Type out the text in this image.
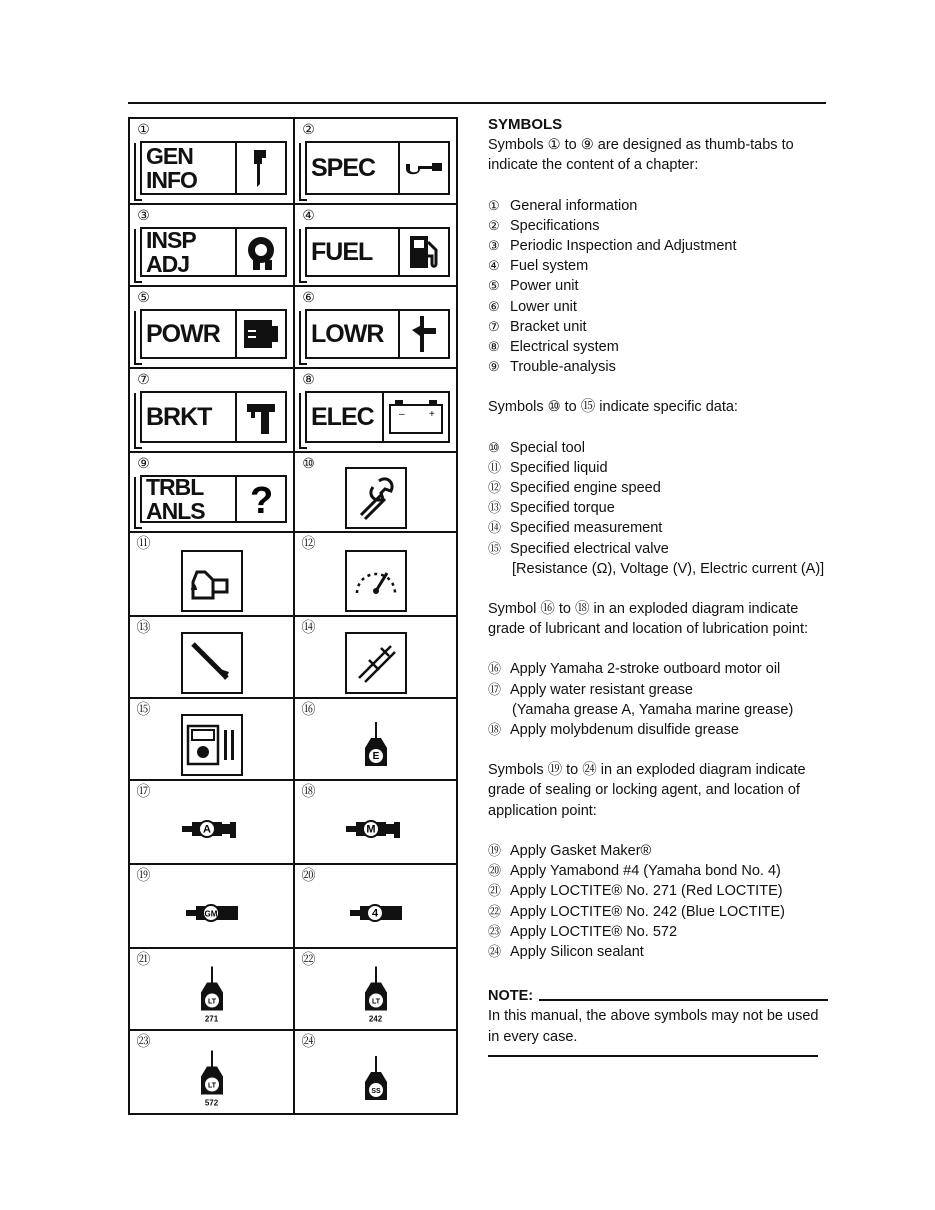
①
GEN
INFO
②
SPEC
③
INSP
ADJ
④
FUEL
⑤
POWR
⑥
LOWR
⑦
BRKT
⑧
ELEC	– +
⑨
TRBL
ANLS	?
⑩
⑪	⑫
⑬	⑭
⑮	⑯
E
⑰
A
⑱
M
⑲
GM
⑳
4
㉑
LT
271
㉒
LT
242
㉓
LT
572
㉔
SS

SYMBOLS

Symbols ① to ⑨ are designed as thumb-tabs to indicate the content of a chapter:

① General information
② Specifications
③ Periodic Inspection and Adjustment
④ Fuel system
⑤ Power unit
⑥ Lower unit
⑦ Bracket unit
⑧ Electrical system
⑨ Trouble-analysis

Symbols ⑩ to ⑮ indicate specific data:

⑩ Special tool
⑪ Specified liquid
⑫ Specified engine speed
⑬ Specified torque
⑭ Specified measurement
⑮ Specified electrical valve

[Resistance (Ω), Voltage (V), Electric current (A)]

Symbol ⑯ to ⑱ in an exploded diagram indicate grade of lubricant and location of lubrication point:

⑯ Apply Yamaha 2-stroke outboard motor oil
⑰ Apply water resistant grease

(Yamaha grease A, Yamaha marine grease)

⑱ Apply molybdenum disulfide grease

Symbols ⑲ to ㉔ in an exploded diagram indicate grade of sealing or locking agent, and location of application point:

⑲ Apply Gasket Maker®
⑳ Apply Yamabond #4 (Yamaha bond No. 4)
㉑ Apply LOCTITE® No. 271 (Red LOCTITE)
㉒ Apply LOCTITE® No. 242 (Blue LOCTITE)
㉓ Apply LOCTITE® No. 572
㉔ Apply Silicon sealant
NOTE:

In this manual, the above symbols may not be used in every case.
